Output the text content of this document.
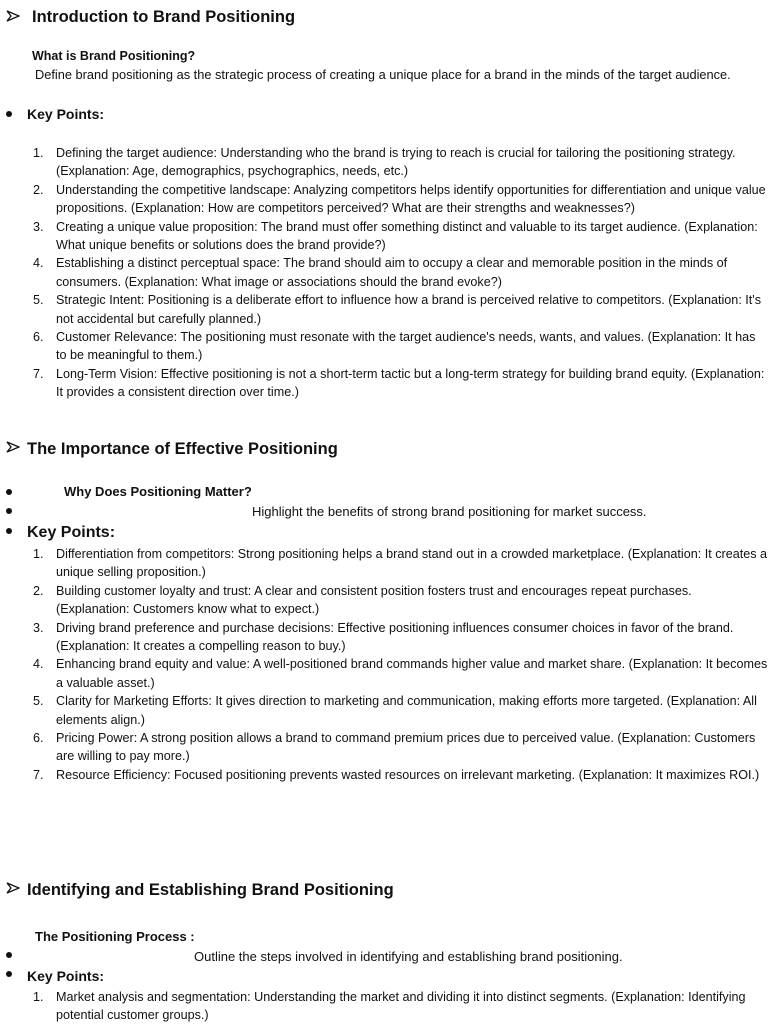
Introduction to Brand Positioning
What is Brand Positioning?
Define brand positioning as the strategic process of creating a unique place for a brand in the minds of the target audience.
Key Points:
1. Defining the target audience: Understanding who the brand is trying to reach is crucial for tailoring the positioning strategy. (Explanation: Age, demographics, psychographics, needs, etc.)
2. Understanding the competitive landscape: Analyzing competitors helps identify opportunities for differentiation and unique value propositions. (Explanation: How are competitors perceived? What are their strengths and weaknesses?)
3. Creating a unique value proposition: The brand must offer something distinct and valuable to its target audience. (Explanation: What unique benefits or solutions does the brand provide?)
4. Establishing a distinct perceptual space: The brand should aim to occupy a clear and memorable position in the minds of consumers. (Explanation: What image or associations should the brand evoke?)
5. Strategic Intent: Positioning is a deliberate effort to influence how a brand is perceived relative to competitors. (Explanation: It's not accidental but carefully planned.)
6. Customer Relevance: The positioning must resonate with the target audience's needs, wants, and values. (Explanation: It has to be meaningful to them.)
7. Long-Term Vision: Effective positioning is not a short-term tactic but a long-term strategy for building brand equity. (Explanation: It provides a consistent direction over time.)
The Importance of Effective Positioning
Why Does Positioning Matter?
Highlight the benefits of strong brand positioning for market success.
Key Points:
1. Differentiation from competitors: Strong positioning helps a brand stand out in a crowded marketplace. (Explanation: It creates a unique selling proposition.)
2. Building customer loyalty and trust: A clear and consistent position fosters trust and encourages repeat purchases. (Explanation: Customers know what to expect.)
3. Driving brand preference and purchase decisions: Effective positioning influences consumer choices in favor of the brand. (Explanation: It creates a compelling reason to buy.)
4. Enhancing brand equity and value: A well-positioned brand commands higher value and market share. (Explanation: It becomes a valuable asset.)
5. Clarity for Marketing Efforts: It gives direction to marketing and communication, making efforts more targeted. (Explanation: All elements align.)
6. Pricing Power: A strong position allows a brand to command premium prices due to perceived value. (Explanation: Customers are willing to pay more.)
7. Resource Efficiency: Focused positioning prevents wasted resources on irrelevant marketing. (Explanation: It maximizes ROI.)
Identifying and Establishing Brand Positioning
The Positioning Process :
Outline the steps involved in identifying and establishing brand positioning.
Key Points:
1. Market analysis and segmentation: Understanding the market and dividing it into distinct segments. (Explanation: Identifying potential customer groups.)
